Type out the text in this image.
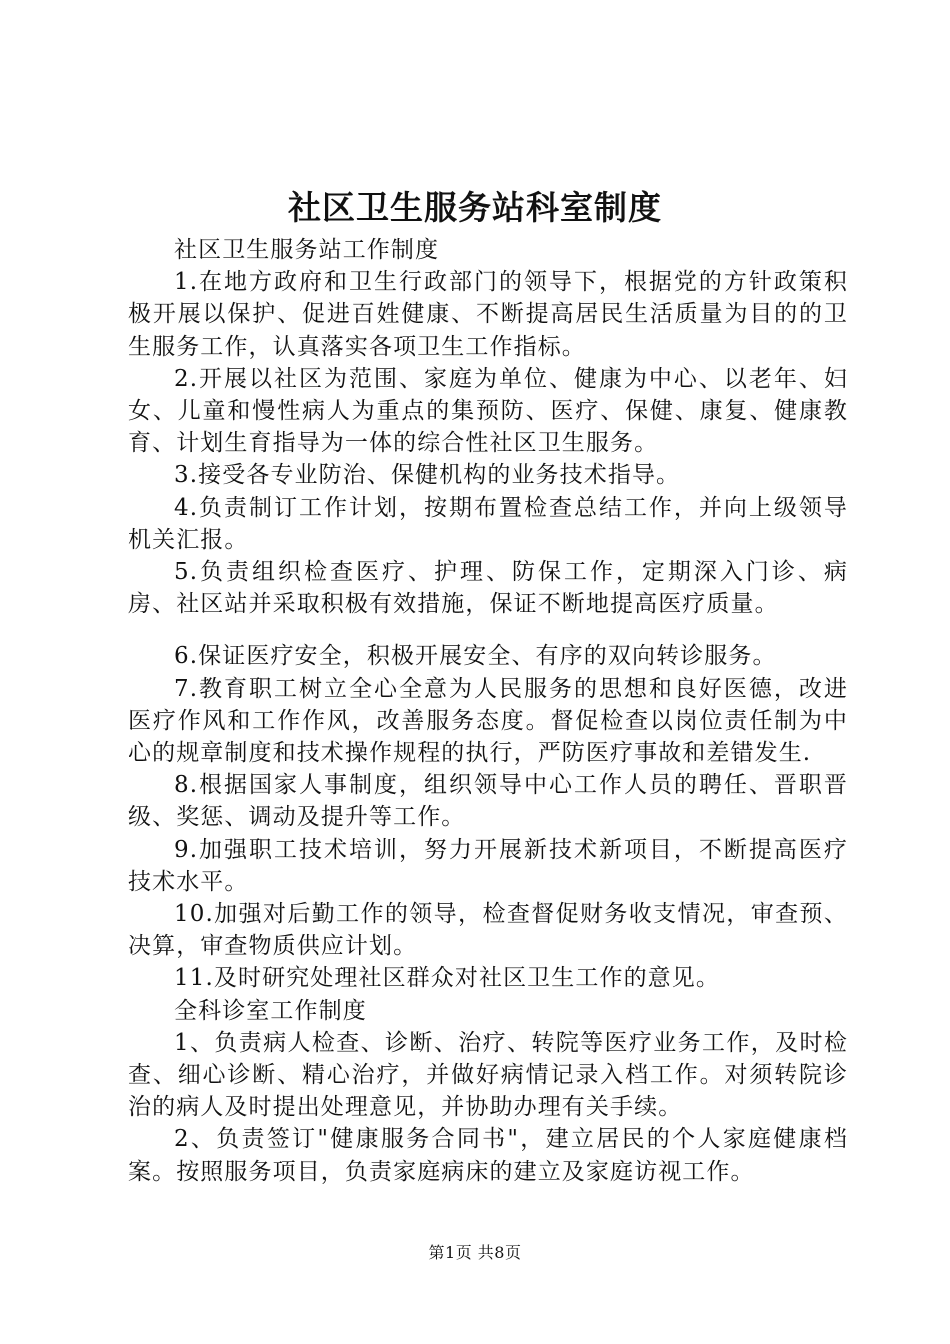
社区卫生服务站科室制度

社区卫生服务站工作制度

1.在地方政府和卫生行政部门的领导下，根据党的方针政策积极开展以保护、促进百姓健康、不断提高居民生活质量为目的的卫生服务工作，认真落实各项卫生工作指标。

2.开展以社区为范围、家庭为单位、健康为中心、以老年、妇女、儿童和慢性病人为重点的集预防、医疗、保健、康复、健康教育、计划生育指导为一体的综合性社区卫生服务。

3.接受各专业防治、保健机构的业务技术指导。

4.负责制订工作计划，按期布置检查总结工作，并向上级领导机关汇报。

5.负责组织检查医疗、护理、防保工作，定期深入门诊、病房、社区站并采取积极有效措施，保证不断地提高医疗质量。

6.保证医疗安全，积极开展安全、有序的双向转诊服务。

7.教育职工树立全心全意为人民服务的思想和良好医德，改进医疗作风和工作作风，改善服务态度。督促检查以岗位责任制为中心的规章制度和技术操作规程的执行，严防医疗事故和差错发生.

8.根据国家人事制度，组织领导中心工作人员的聘任、晋职晋级、奖惩、调动及提升等工作。

9.加强职工技术培训，努力开展新技术新项目，不断提高医疗技术水平。

10.加强对后勤工作的领导，检查督促财务收支情况，审查预、决算，审查物质供应计划。

11.及时研究处理社区群众对社区卫生工作的意见。

全科诊室工作制度

1、负责病人检查、诊断、治疗、转院等医疗业务工作，及时检查、细心诊断、精心治疗，并做好病情记录入档工作。对须转院诊治的病人及时提出处理意见，并协助办理有关手续。

2、负责签订"健康服务合同书"，建立居民的个人家庭健康档案。按照服务项目，负责家庭病床的建立及家庭访视工作。

第1页 共8页
